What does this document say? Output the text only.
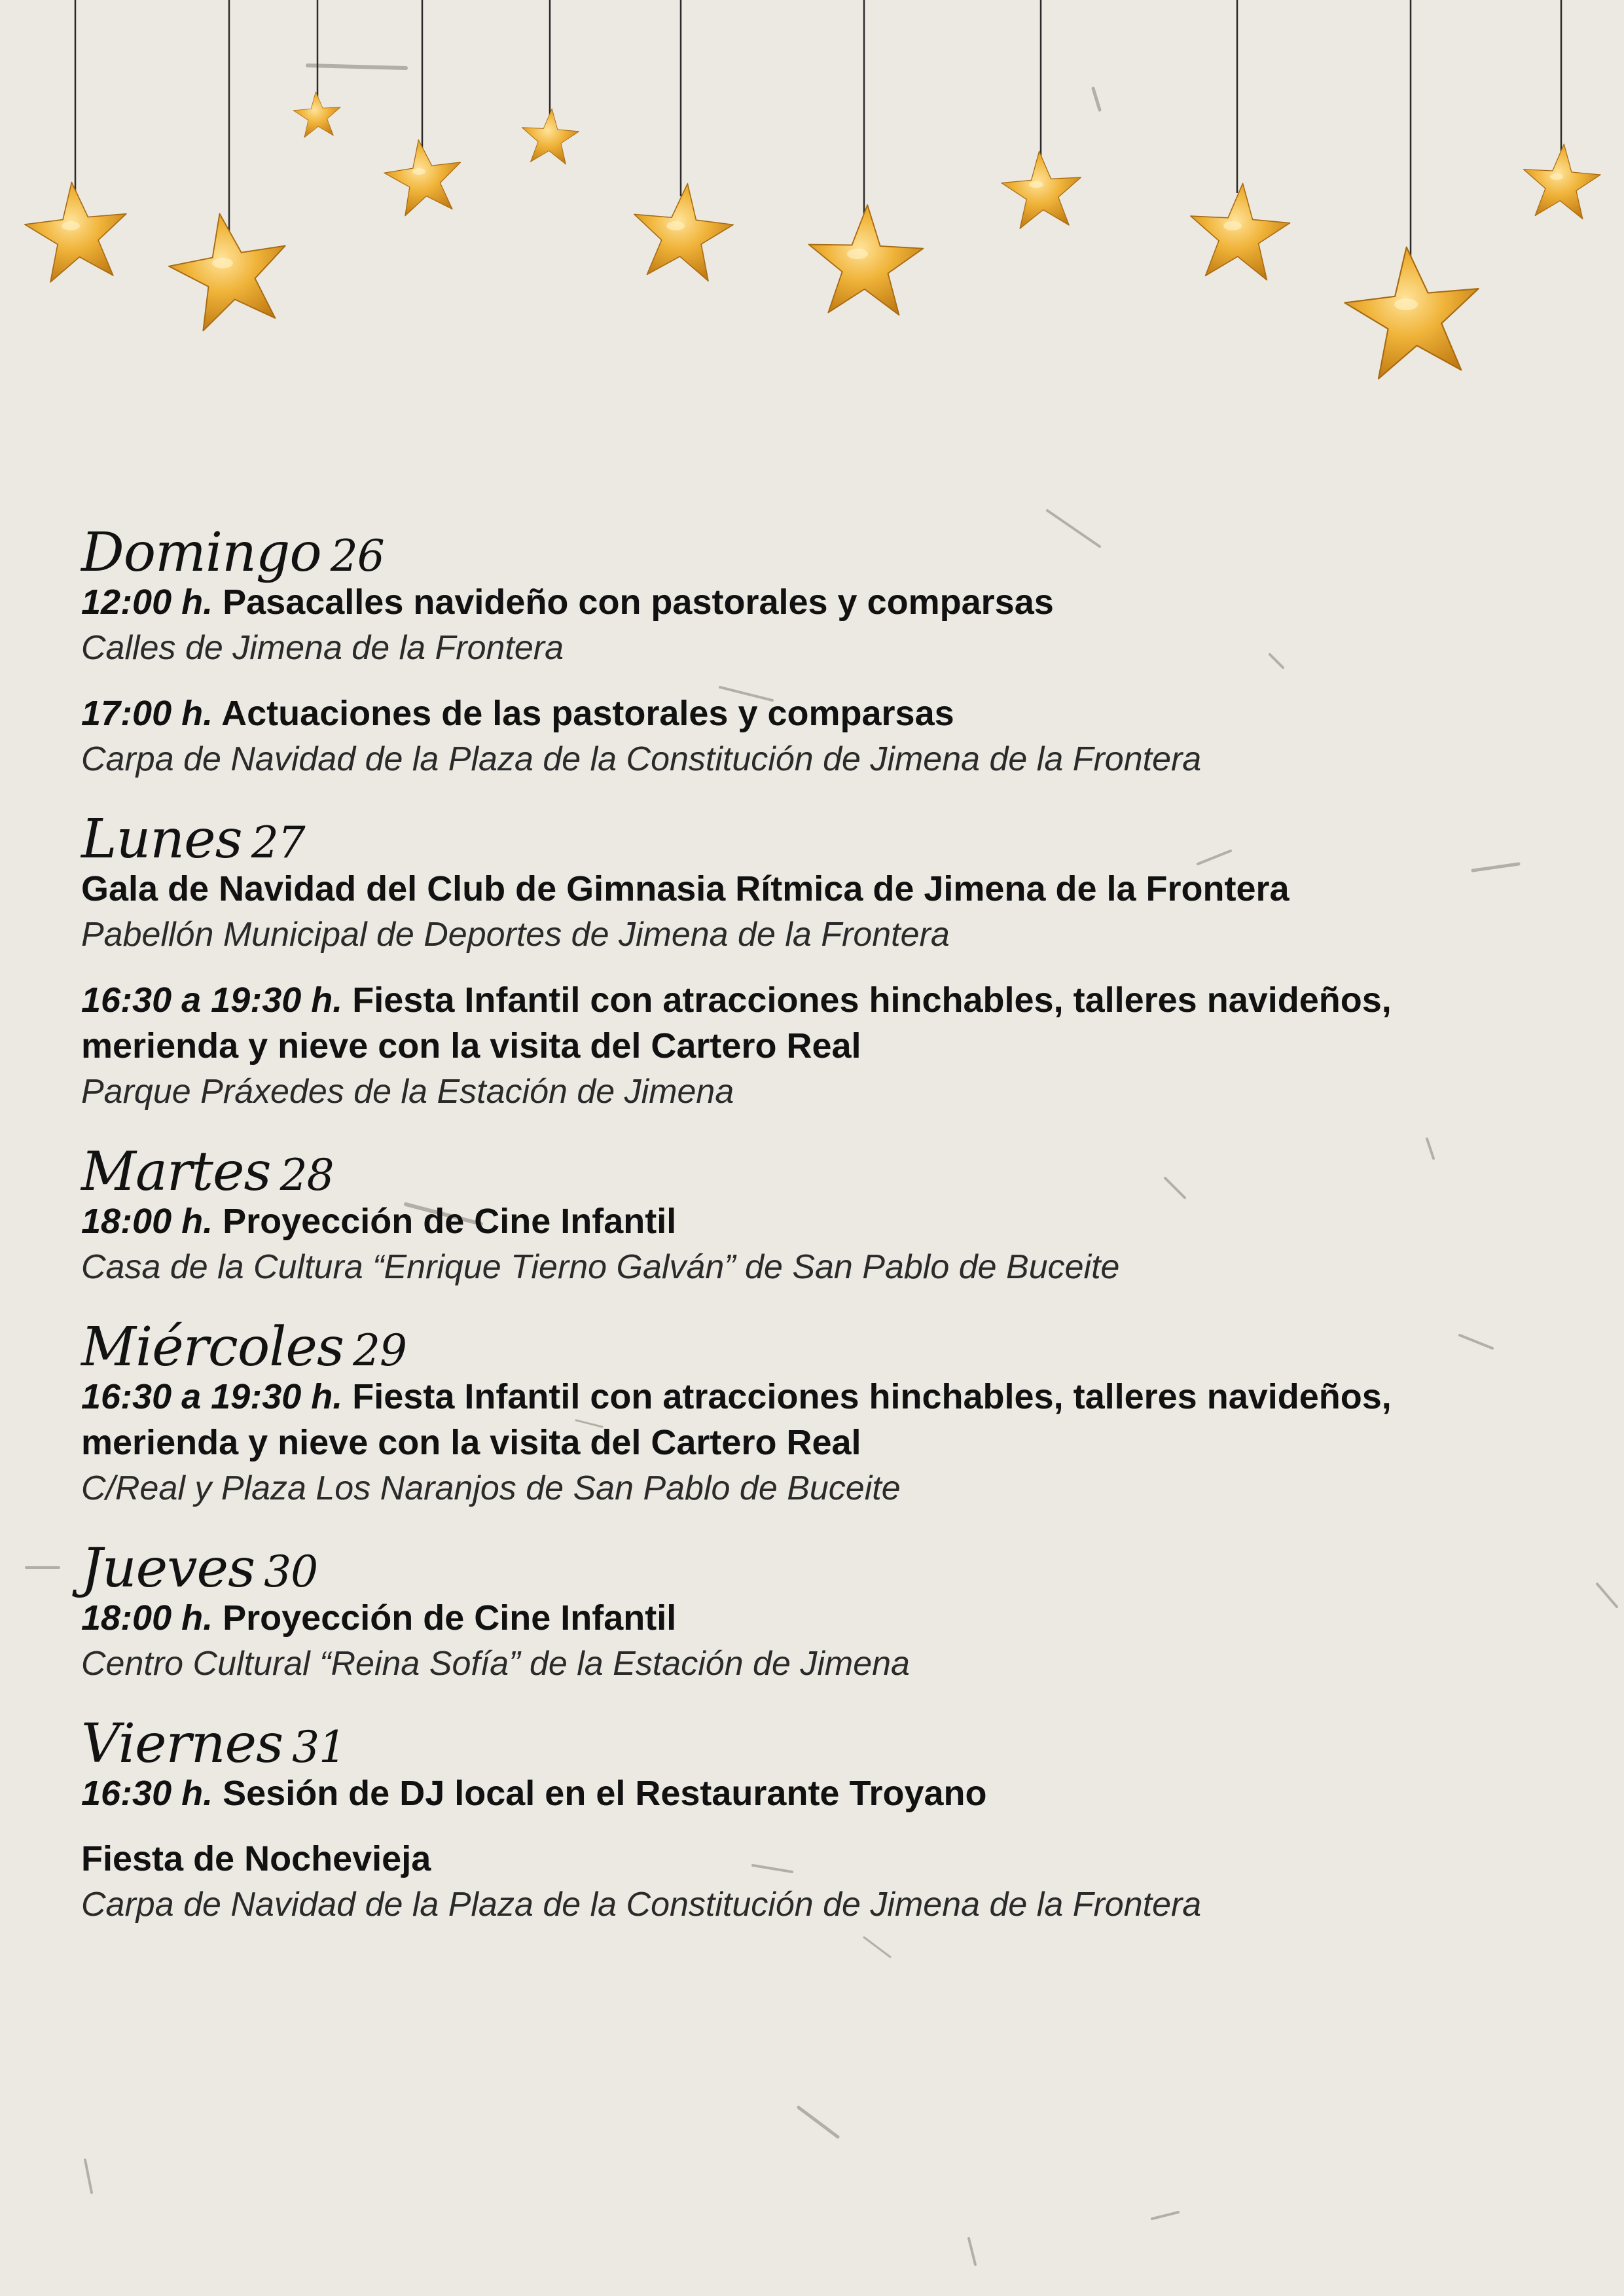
Domingo 26
12:00 h. Pasacalles navideño con pastorales y comparsas
Calles de Jimena de la Frontera
17:00 h. Actuaciones de las pastorales y comparsas
Carpa de Navidad de la Plaza de la Constitución de Jimena de la Frontera
Lunes 27
Gala de Navidad del Club de Gimnasia Rítmica de Jimena de la Frontera
Pabellón Municipal de Deportes de Jimena de la Frontera
16:30 a 19:30 h. Fiesta Infantil con atracciones hinchables, talleres navideños, merienda y nieve con la visita del Cartero Real
Parque Práxedes de la Estación de Jimena
Martes 28
18:00 h. Proyección de Cine Infantil
Casa de la Cultura “Enrique Tierno Galván” de San Pablo de Buceite
Miércoles 29
16:30 a 19:30 h. Fiesta Infantil con atracciones hinchables, talleres navideños, merienda y nieve con la visita del Cartero Real
C/Real y Plaza Los Naranjos de San Pablo de Buceite
Jueves 30
18:00 h. Proyección de Cine Infantil
Centro Cultural “Reina Sofía” de la Estación de Jimena
Viernes 31
16:30 h. Sesión de DJ local en el Restaurante Troyano
Fiesta de Nochevieja
Carpa de Navidad de la Plaza de la Constitución de Jimena de la Frontera
